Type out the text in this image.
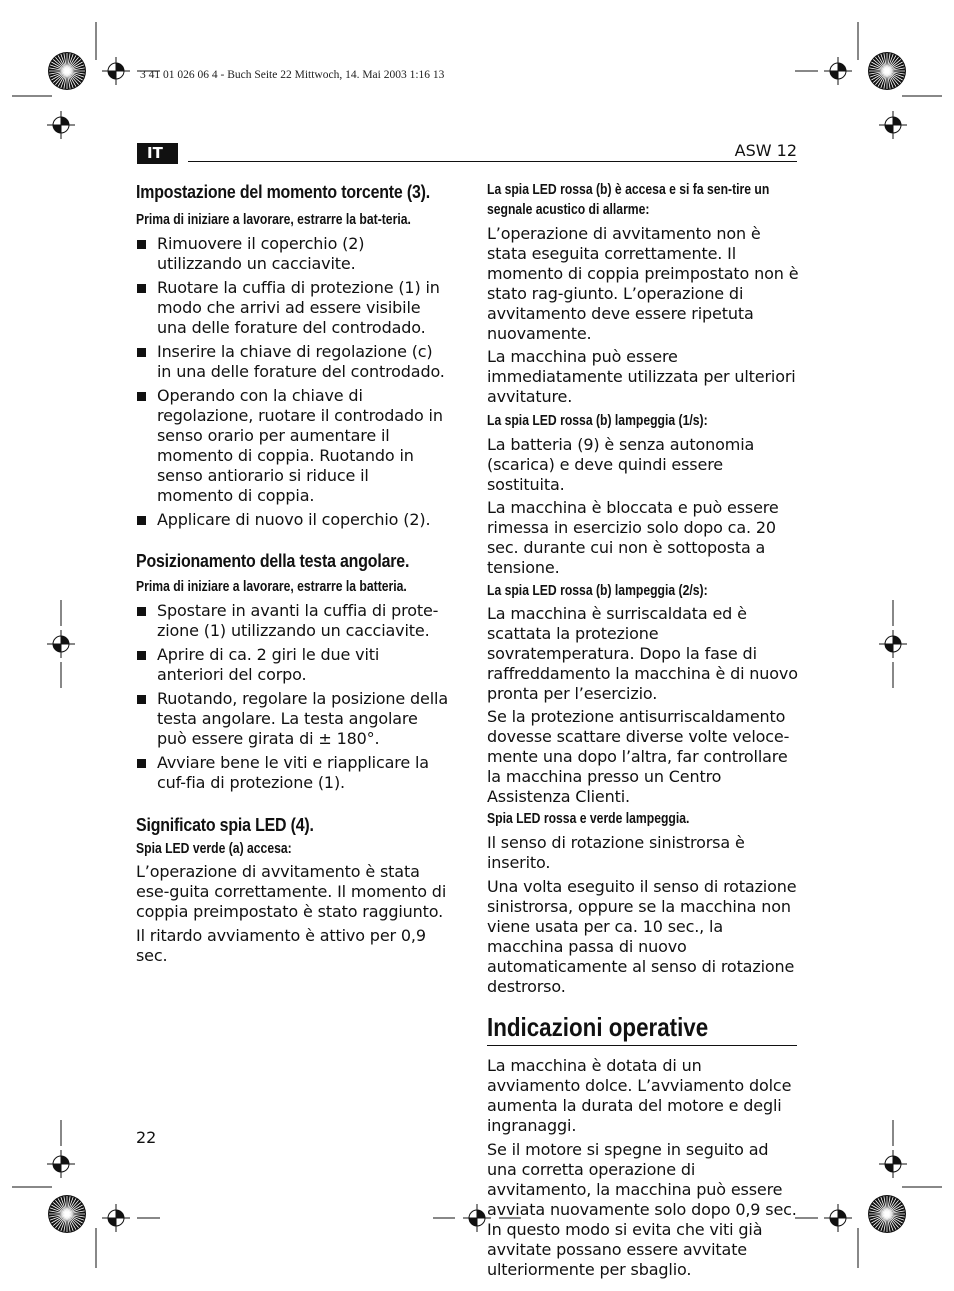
3 41 01 026 06 4 - Buch Seite 22 Mittwoch, 14. Mai 2003 1:16 13
IT	ASW 12
Impostazione del momento torcente (3).
Prima di iniziare a lavorare, estrarre la bat-teria.
Rimuovere il coperchio (2) utilizzando un cacciavite.
Ruotare la cuffia di protezione (1) in modo che arrivi ad essere visibile una delle forature del controdado.
Inserire la chiave di regolazione (c) in una delle forature del controdado.
Operando con la chiave di regolazione, ruotare il controdado in senso orario per aumentare il momento di coppia. Ruotando in senso antiorario si riduce il momento di coppia.
Applicare di nuovo il coperchio (2).
Posizionamento della testa angolare.
Prima di iniziare a lavorare, estrarre la batteria.
Spostare in avanti la cuffia di prote-zione (1) utilizzando un cacciavite.
Aprire di ca. 2 giri le due viti anteriori del corpo.
Ruotando, regolare la posizione della testa angolare. La testa angolare può essere girata di ± 180°.
Avviare bene le viti e riapplicare la cuf-fia di protezione (1).
Significato spia LED (4).
Spia LED verde (a) accesa:

L’operazione di avvitamento è stata ese-guita correttamente. Il momento di coppia preimpostato è stato raggiunto.

Il ritardo avviamento è attivo per 0,9 sec.

La spia LED rossa (b) è accesa e si fa sen-tire un segnale acustico di allarme:

L’operazione di avvitamento non è stata eseguita correttamente. Il momento di coppia preimpostato non è stato rag-giunto. L’operazione di avvitamento deve essere ripetuta nuovamente.

La macchina può essere immediatamente utilizzata per ulteriori avvitature.

La spia LED rossa (b) lampeggia (1/s):

La batteria (9) è senza autonomia (scarica) e deve quindi essere sostituita.

La macchina è bloccata e può essere rimessa in esercizio solo dopo ca. 20 sec. durante cui non è sottoposta a tensione.

La spia LED rossa (b) lampeggia (2/s):

La macchina è surriscaldata ed è scattata la protezione sovratemperatura. Dopo la fase di raffreddamento la macchina è di nuovo pronta per l’esercizio.

Se la protezione antisurriscaldamento dovesse scattare diverse volte veloce-mente una dopo l’altra, far controllare la macchina presso un Centro Assistenza Clienti.

Spia LED rossa e verde lampeggia.

Il senso di rotazione sinistrorsa è inserito.

Una volta eseguito il senso di rotazione sinistrorsa, oppure se la macchina non viene usata per ca. 10 sec., la macchina passa di nuovo automaticamente al senso di rotazione destrorso.

Indicazioni operative

La macchina è dotata di un avviamento dolce. L’avviamento dolce aumenta la durata del motore e degli ingranaggi.

Se il motore si spegne in seguito ad una corretta operazione di avvitamento, la macchina può essere avviata nuovamente solo dopo 0,9 sec. In questo modo si evita che viti già avvitate possano essere avvitate ulteriormente per sbaglio.

22
